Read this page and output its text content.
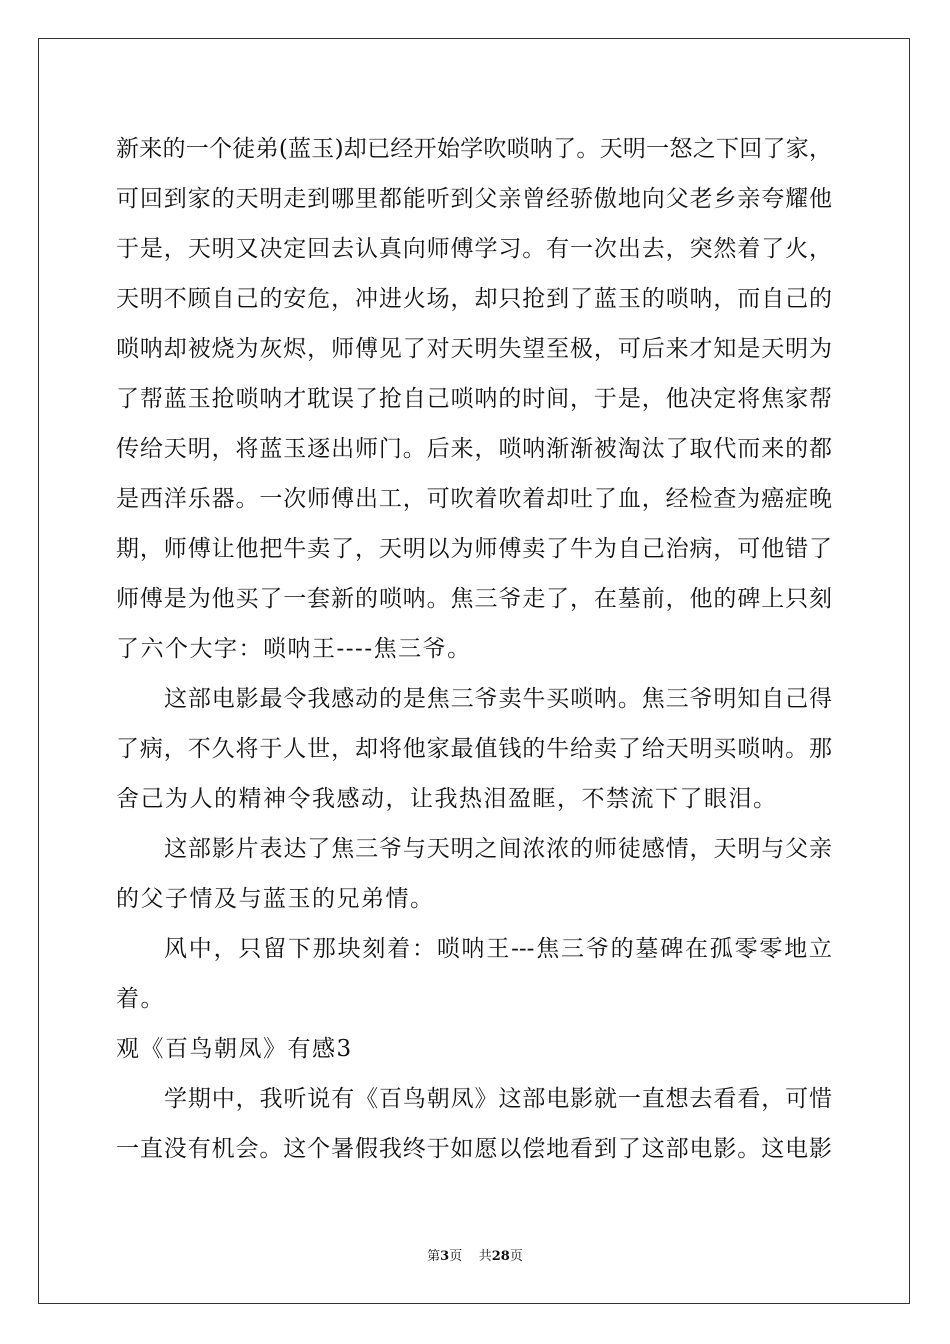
新来的一个徒弟(蓝玉)却已经开始学吹唢呐了。天明一怒之下回了家，
可回到家的天明走到哪里都能听到父亲曾经骄傲地向父老乡亲夸耀他
于是，天明又决定回去认真向师傅学习。有一次出去，突然着了火，
天明不顾自己的安危，冲进火场，却只抢到了蓝玉的唢呐，而自己的
唢呐却被烧为灰烬，师傅见了对天明失望至极，可后来才知是天明为
了帮蓝玉抢唢呐才耽误了抢自己唢呐的时间，于是，他决定将焦家帮
传给天明，将蓝玉逐出师门。后来，唢呐渐渐被淘汰了取代而来的都
是西洋乐器。一次师傅出工，可吹着吹着却吐了血，经检查为癌症晚
期，师傅让他把牛卖了，天明以为师傅卖了牛为自己治病，可他错了
师傅是为他买了一套新的唢呐。焦三爷走了，在墓前，他的碑上只刻
了六个大字：唢呐王----焦三爷。
这部电影最令我感动的是焦三爷卖牛买唢呐。焦三爷明知自己得
了病，不久将于人世，却将他家最值钱的牛给卖了给天明买唢呐。那
舍己为人的精神令我感动，让我热泪盈眶，不禁流下了眼泪。
这部影片表达了焦三爷与天明之间浓浓的师徒感情，天明与父亲
的父子情及与蓝玉的兄弟情。
风中，只留下那块刻着：唢呐王---焦三爷的墓碑在孤零零地立
着。
观《百鸟朝凤》有感3
学期中，我听说有《百鸟朝凤》这部电影就一直想去看看，可惜
一直没有机会。这个暑假我终于如愿以偿地看到了这部电影。这电影
第3页 共28页
